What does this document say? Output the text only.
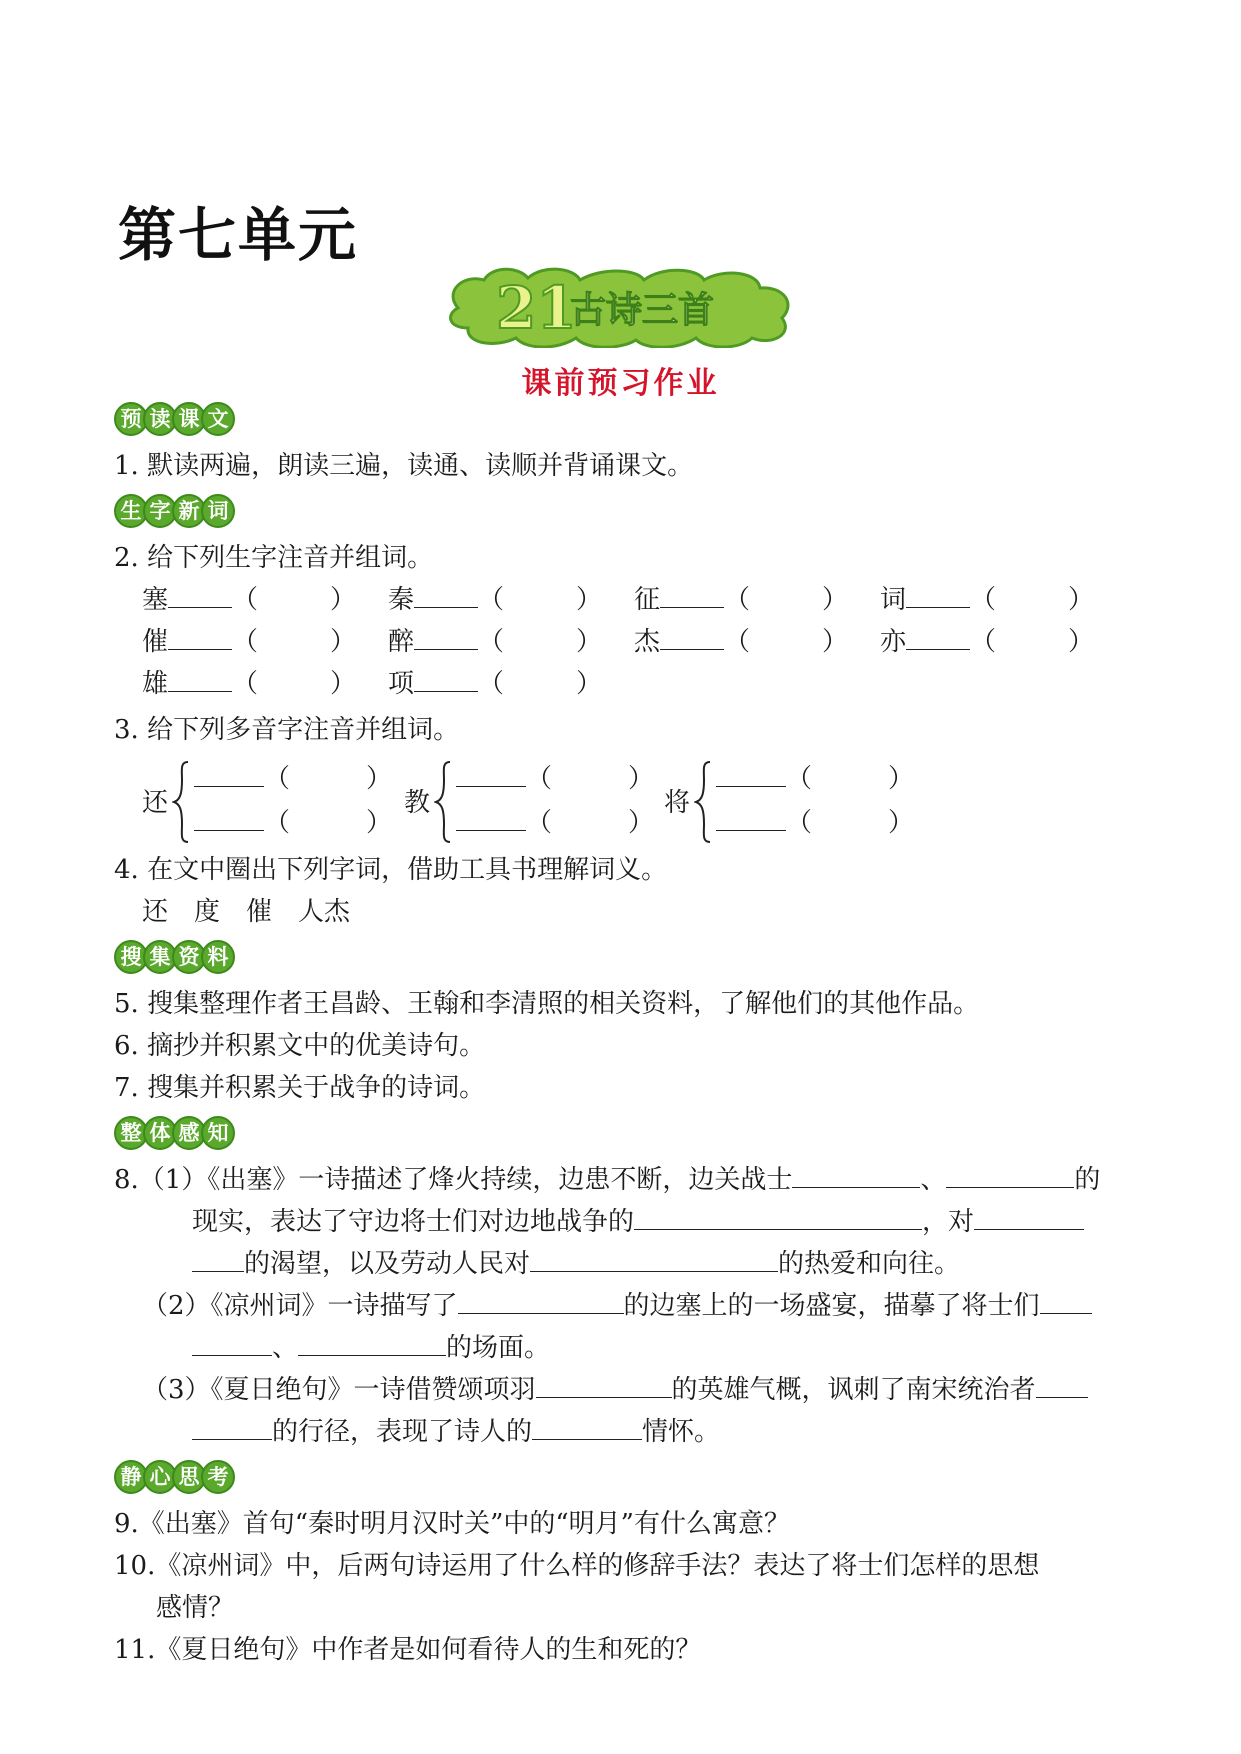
第七单元
21
古诗三首
课前预习作业
预 读 课 文
1. 默读两遍，朗读三遍，读通、读顺并背诵课文。
生 字 新 词
2. 给下列生字注音并组词。
塞 （	） 秦 （	） 征 （	） 词 （	）
催 （	） 醉 （	） 杰 （	） 亦 （	）
雄 （	） 项 （	）
3. 给下列多音字注音并组词。
还
（	）
（	）
教
（	）
（	）
将
（	）
（	）
4. 在文中圈出下列字词，借助工具书理解词义。
还　度　催　人杰
搜 集 资 料
5. 搜集整理作者王昌龄、王翰和李清照的相关资料，了解他们的其他作品。
6. 摘抄并积累文中的优美诗句。
7. 搜集并积累关于战争的诗词。
整 体 感 知
8.（1）《出塞》一诗描述了烽火持续，边患不断，边关战士	、	的
现实，表达了守边将士们对边地战争的	，对
的渴望，以及劳动人民对	的热爱和向往。
（2）《凉州词》一诗描写了	的边塞上的一场盛宴，描摹了将士们
、	的场面。
（3）《夏日绝句》一诗借赞颂项羽	的英雄气概，讽刺了南宋统治者
的行径，表现了诗人的	情怀。
静 心 思 考
9.《出塞》首句“秦时明月汉时关”中的“明月”有什么寓意？
10.《凉州词》中，后两句诗运用了什么样的修辞手法？表达了将士们怎样的思想
感情？
11.《夏日绝句》中作者是如何看待人的生和死的？
